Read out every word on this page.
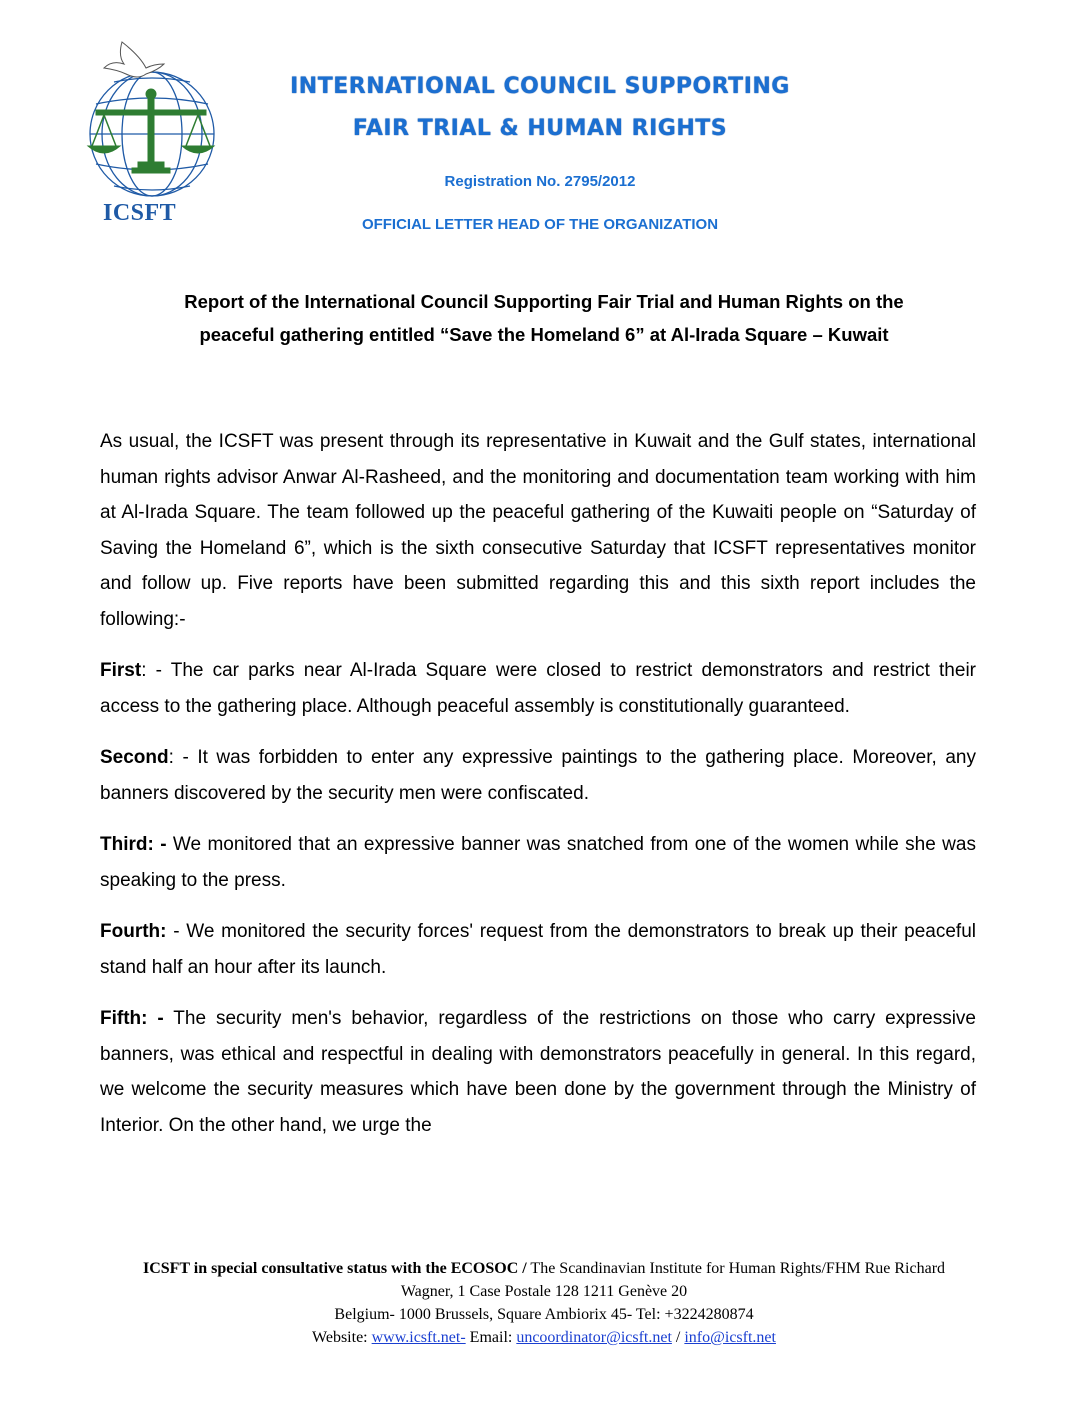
ICSFT
INTERNATIONAL COUNCIL SUPPORTING
FAIR TRIAL & HUMAN RIGHTS
Registration No. 2795/2012
OFFICIAL LETTER HEAD OF THE ORGANIZATION
Report of the International Council Supporting Fair Trial and Human Rights on the
peaceful gathering entitled “Save the Homeland 6” at Al-Irada Square – Kuwait

As usual, the ICSFT was present through its representative in Kuwait and the Gulf states, international human rights advisor Anwar Al-Rasheed, and the monitoring and documentation team working with him at Al-Irada Square. The team followed up the peaceful gathering of the Kuwaiti people on “Saturday of Saving the Homeland 6”, which is the sixth consecutive Saturday that ICSFT representatives monitor and follow up. Five reports have been submitted regarding this and this sixth report includes the following:-

First: - The car parks near Al-Irada Square were closed to restrict demonstrators and restrict their access to the gathering place. Although peaceful assembly is constitutionally guaranteed.

Second: - It was forbidden to enter any expressive paintings to the gathering place. Moreover, any banners discovered by the security men were confiscated.

Third: - We monitored that an expressive banner was snatched from one of the women while she was speaking to the press.

Fourth: - We monitored the security forces' request from the demonstrators to break up their peaceful stand half an hour after its launch.

Fifth: - The security men's behavior, regardless of the restrictions on those who carry expressive banners, was ethical and respectful in dealing with demonstrators peacefully in general. In this regard, we welcome the security measures which have been done by the government through the Ministry of Interior. On the other hand, we urge the

ICSFT in special consultative status with the ECOSOC / The Scandinavian Institute for Human Rights/FHM Rue Richard Wagner, 1 Case Postale 128 1211 Genève 20
Belgium- 1000 Brussels, Square Ambiorix 45- Tel: +3224280874
Website: www.icsft.net- Email: uncoordinator@icsft.net / info@icsft.net
